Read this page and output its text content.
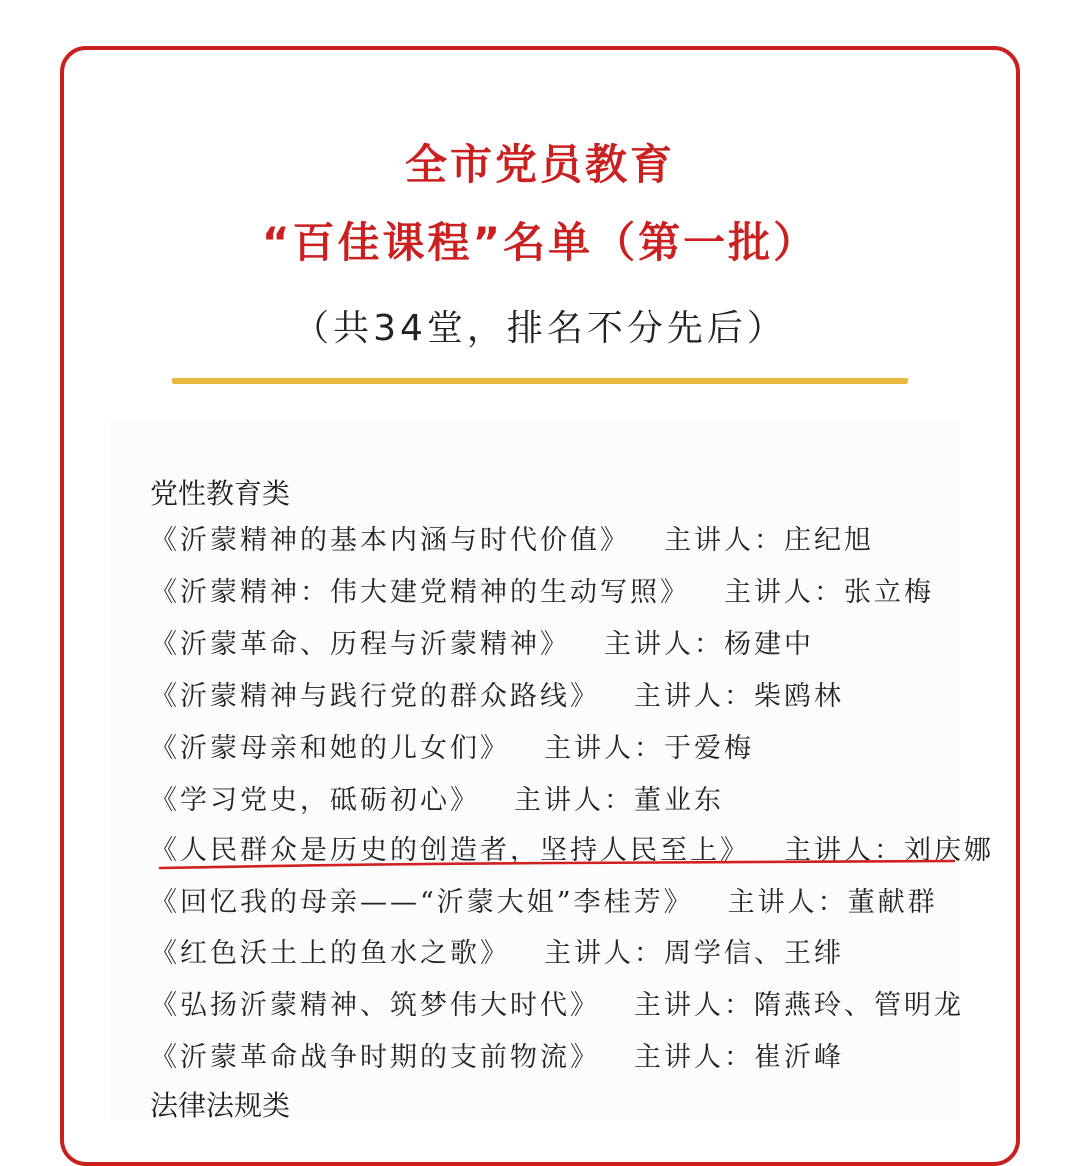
全市党员教育
“百佳课程”名单（第一批）
（共34堂，排名不分先后）
党性教育类
《沂蒙精神的基本内涵与时代价值》 主讲人：庄纪旭
《沂蒙精神：伟大建党精神的生动写照》 主讲人：张立梅
《沂蒙革命、历程与沂蒙精神》 主讲人：杨建中
《沂蒙精神与践行党的群众路线》 主讲人：柴鸥林
《沂蒙母亲和她的儿女们》 主讲人：于爱梅
《学习党史，砥砺初心》 主讲人：董业东
《人民群众是历史的创造者，坚持人民至上》 主讲人：刘庆娜
《回忆我的母亲——“沂蒙大姐”李桂芳》 主讲人：董献群
《红色沃土上的鱼水之歌》 主讲人：周学信、王绯
《弘扬沂蒙精神、筑梦伟大时代》 主讲人：隋燕玲、管明龙
《沂蒙革命战争时期的支前物流》 主讲人：崔沂峰
